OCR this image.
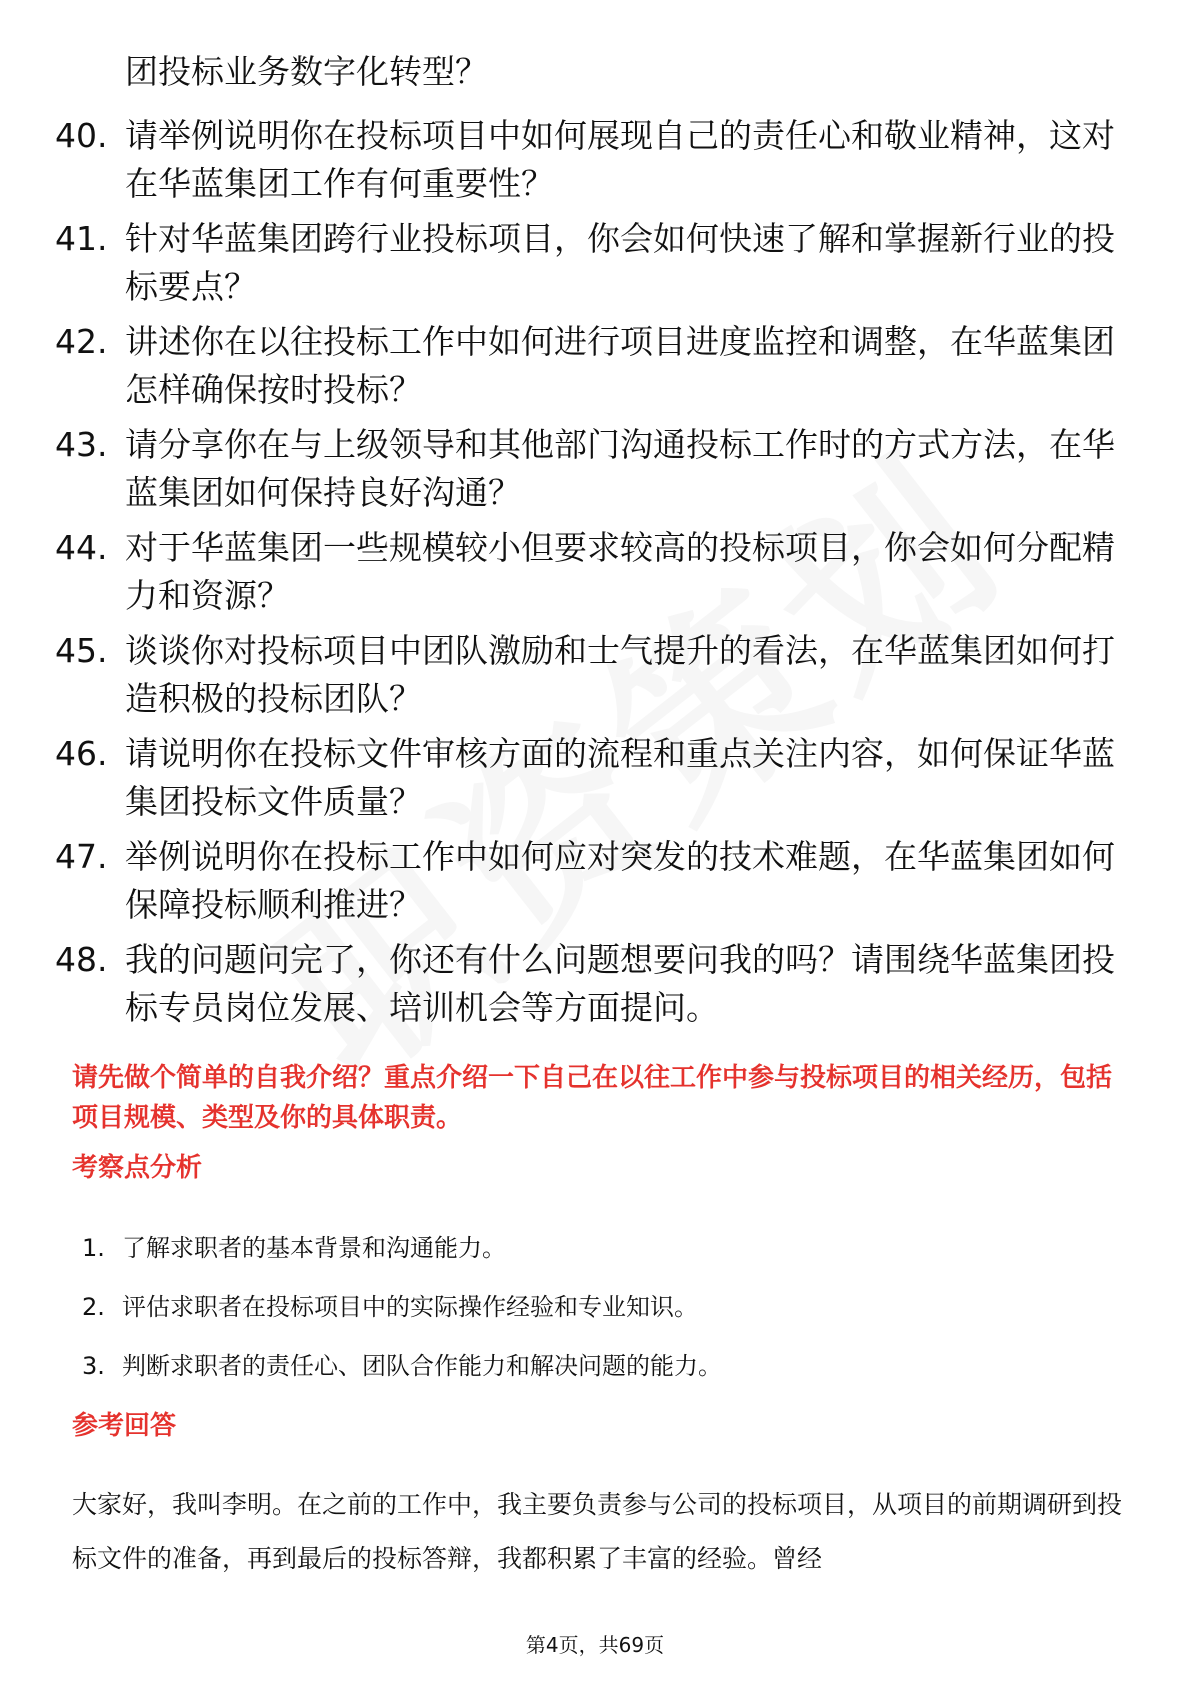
团投标业务数字化转型？

40. 请举例说明你在投标项目中如何展现自己的责任心和敬业精神，这对在华蓝集团工作有何重要性？
41. 针对华蓝集团跨行业投标项目，你会如何快速了解和掌握新行业的投标要点？
42. 讲述你在以往投标工作中如何进行项目进度监控和调整，在华蓝集团怎样确保按时投标？
43. 请分享你在与上级领导和其他部门沟通投标工作时的方式方法，在华蓝集团如何保持良好沟通？
44. 对于华蓝集团一些规模较小但要求较高的投标项目，你会如何分配精力和资源？
45. 谈谈你对投标项目中团队激励和士气提升的看法，在华蓝集团如何打造积极的投标团队？
46. 请说明你在投标文件审核方面的流程和重点关注内容，如何保证华蓝集团投标文件质量？
47. 举例说明你在投标工作中如何应对突发的技术难题，在华蓝集团如何保障投标顺利推进？
48. 我的问题问完了，你还有什么问题想要问我的吗？请围绕华蓝集团投标专员岗位发展、培训机会等方面提问。

请先做个简单的自我介绍？重点介绍一下自己在以往工作中参与投标项目的相关经历，包括项目规模、类型及你的具体职责。

考察点分析
1. 了解求职者的基本背景和沟通能力。
2. 评估求职者在投标项目中的实际操作经验和专业知识。
3. 判断求职者的责任心、团队合作能力和解决问题的能力。
参考回答

大家好，我叫李明。在之前的工作中，我主要负责参与公司的投标项目，从项目的前期调研到投标文件的准备，再到最后的投标答辩，我都积累了丰富的经验。曾经

第4页，共69页
